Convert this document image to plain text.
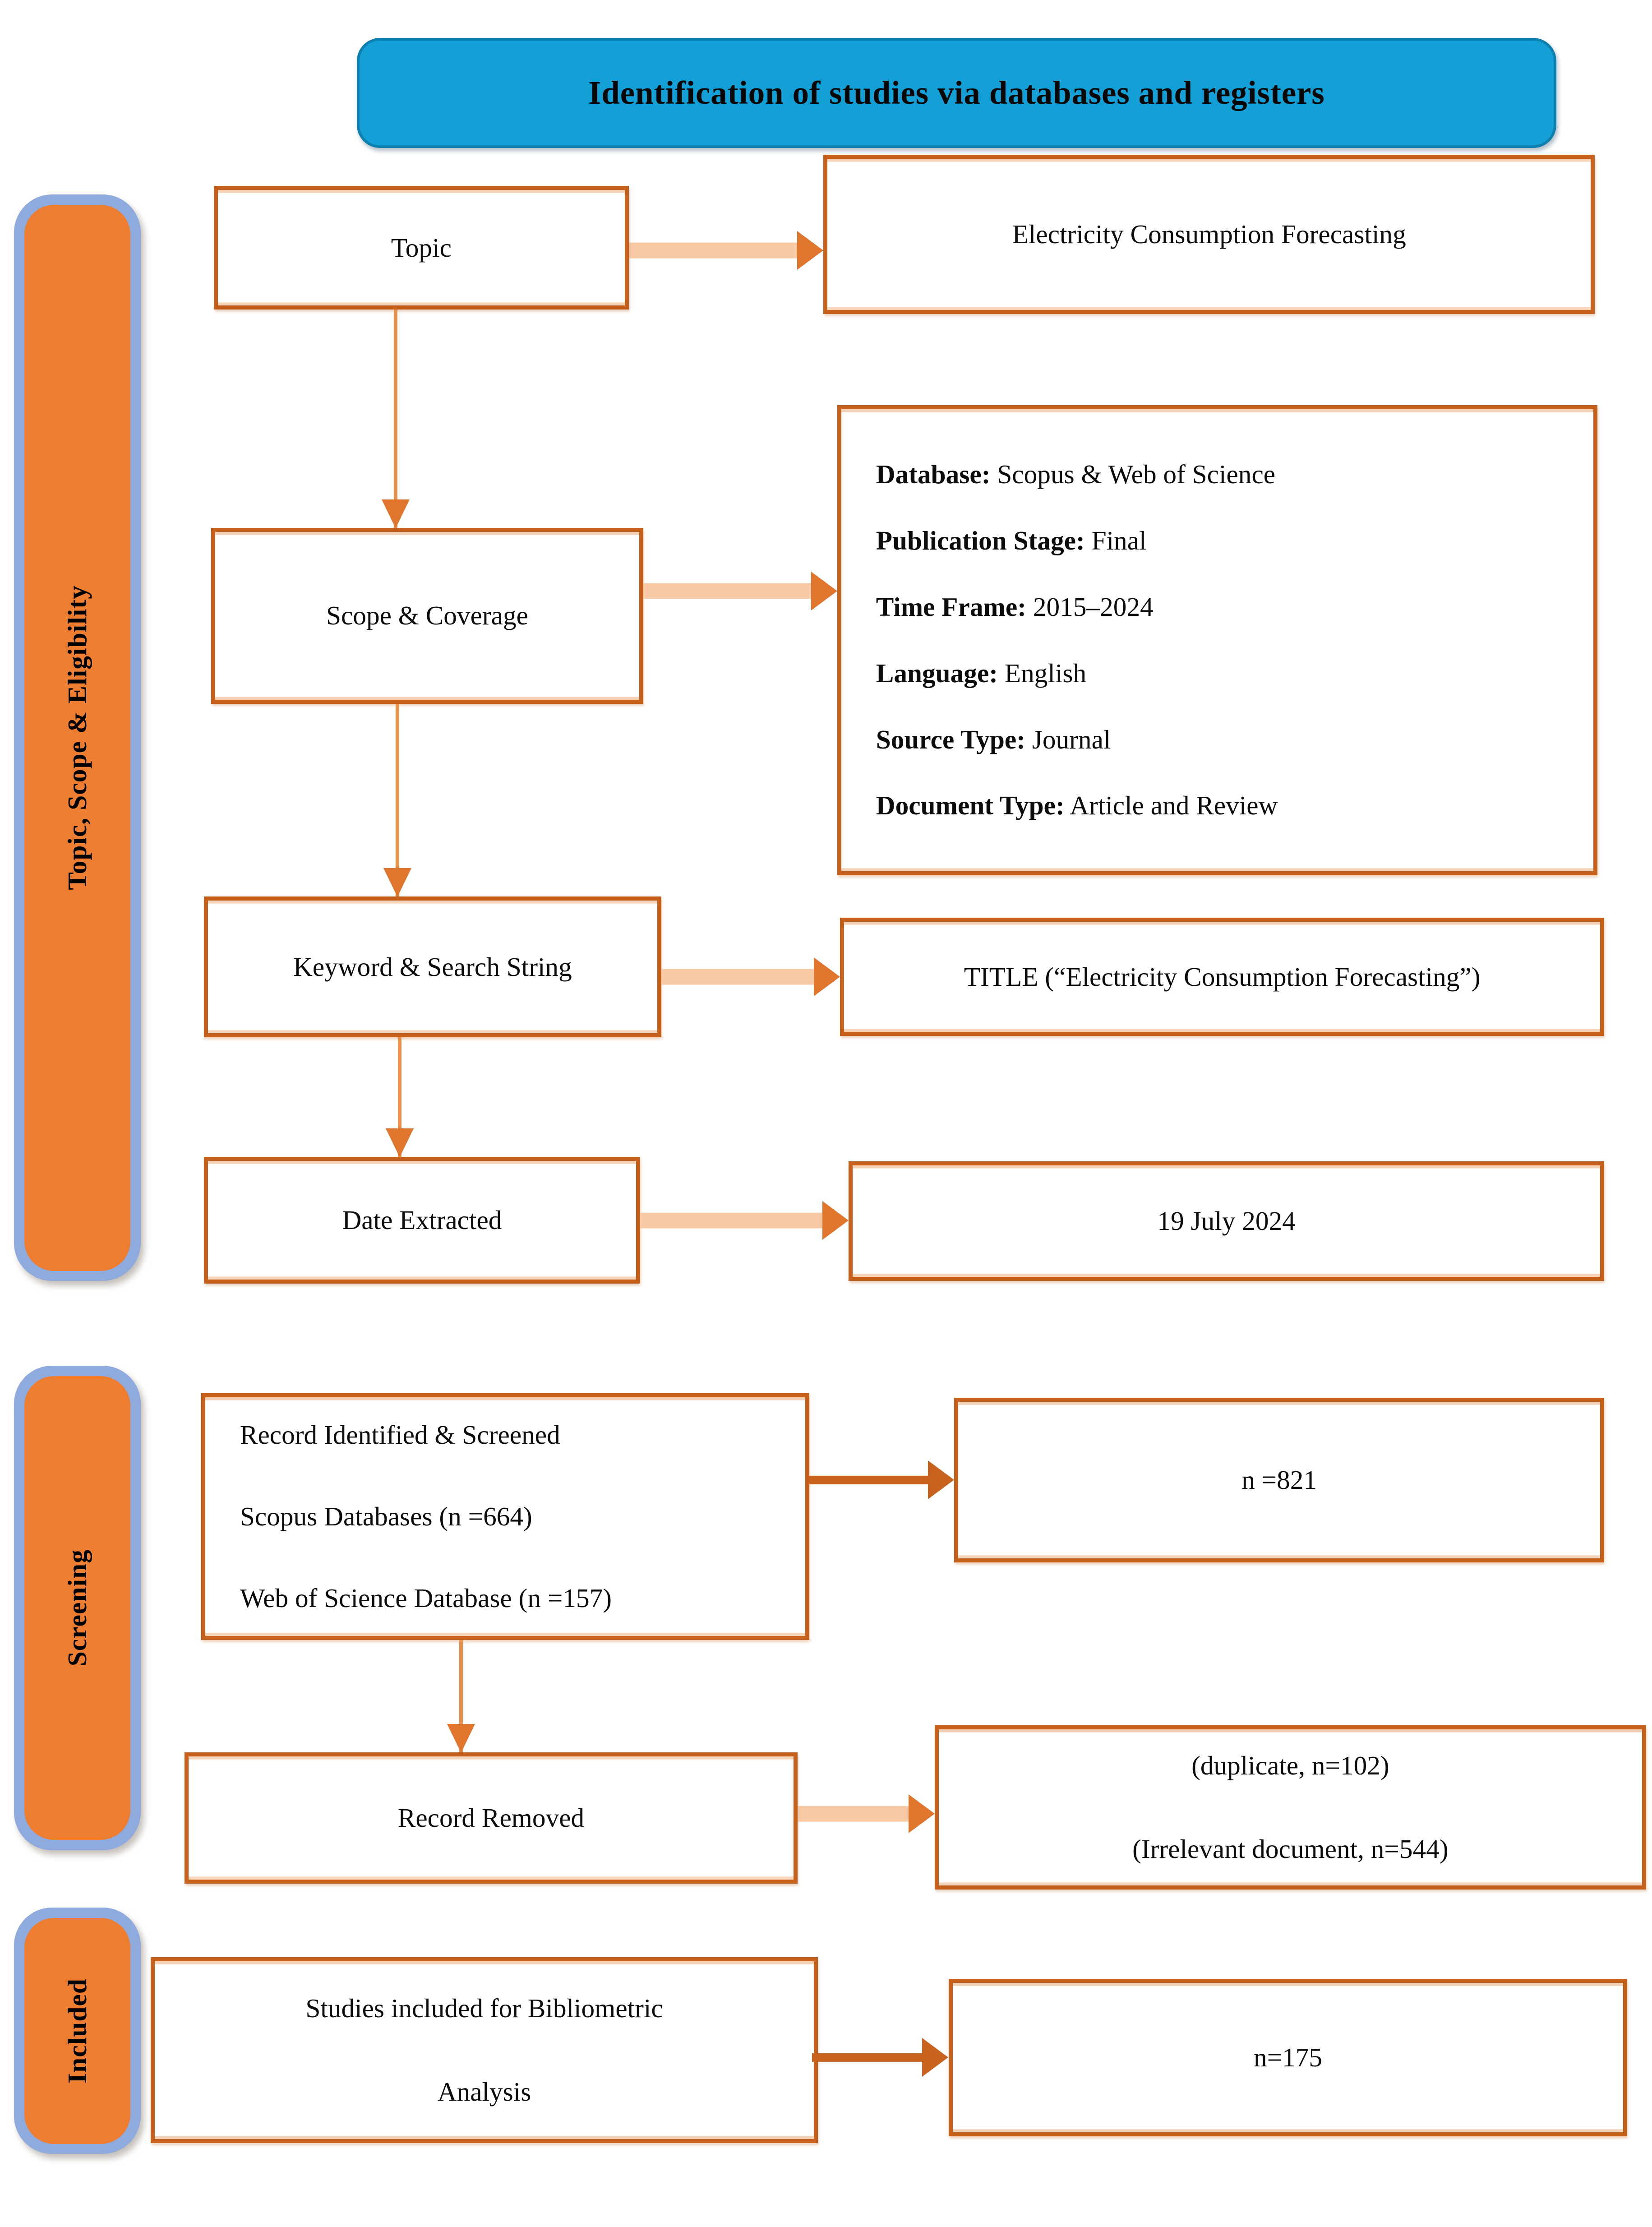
Identification of studies via databases and registers
Topic, Scope & Eligibility
Screening
Included
Topic	Electricity Consumption Forecasting
Scope & Coverage
Database: Scopus & Web of Science
Publication Stage: Final
Time Frame: 2015–2024
Language: English
Source Type: Journal
Document Type: Article and Review
Keyword & Search String	TITLE (“Electricity Consumption Forecasting”)
Date Extracted	19 July 2024
Record Identified & Screened
Scopus Databases (n =664)
Web of Science Database (n =157)
n =821
Record Removed
(duplicate, n=102)
(Irrelevant document, n=544)
Studies included for Bibliometric
Analysis
n=175
